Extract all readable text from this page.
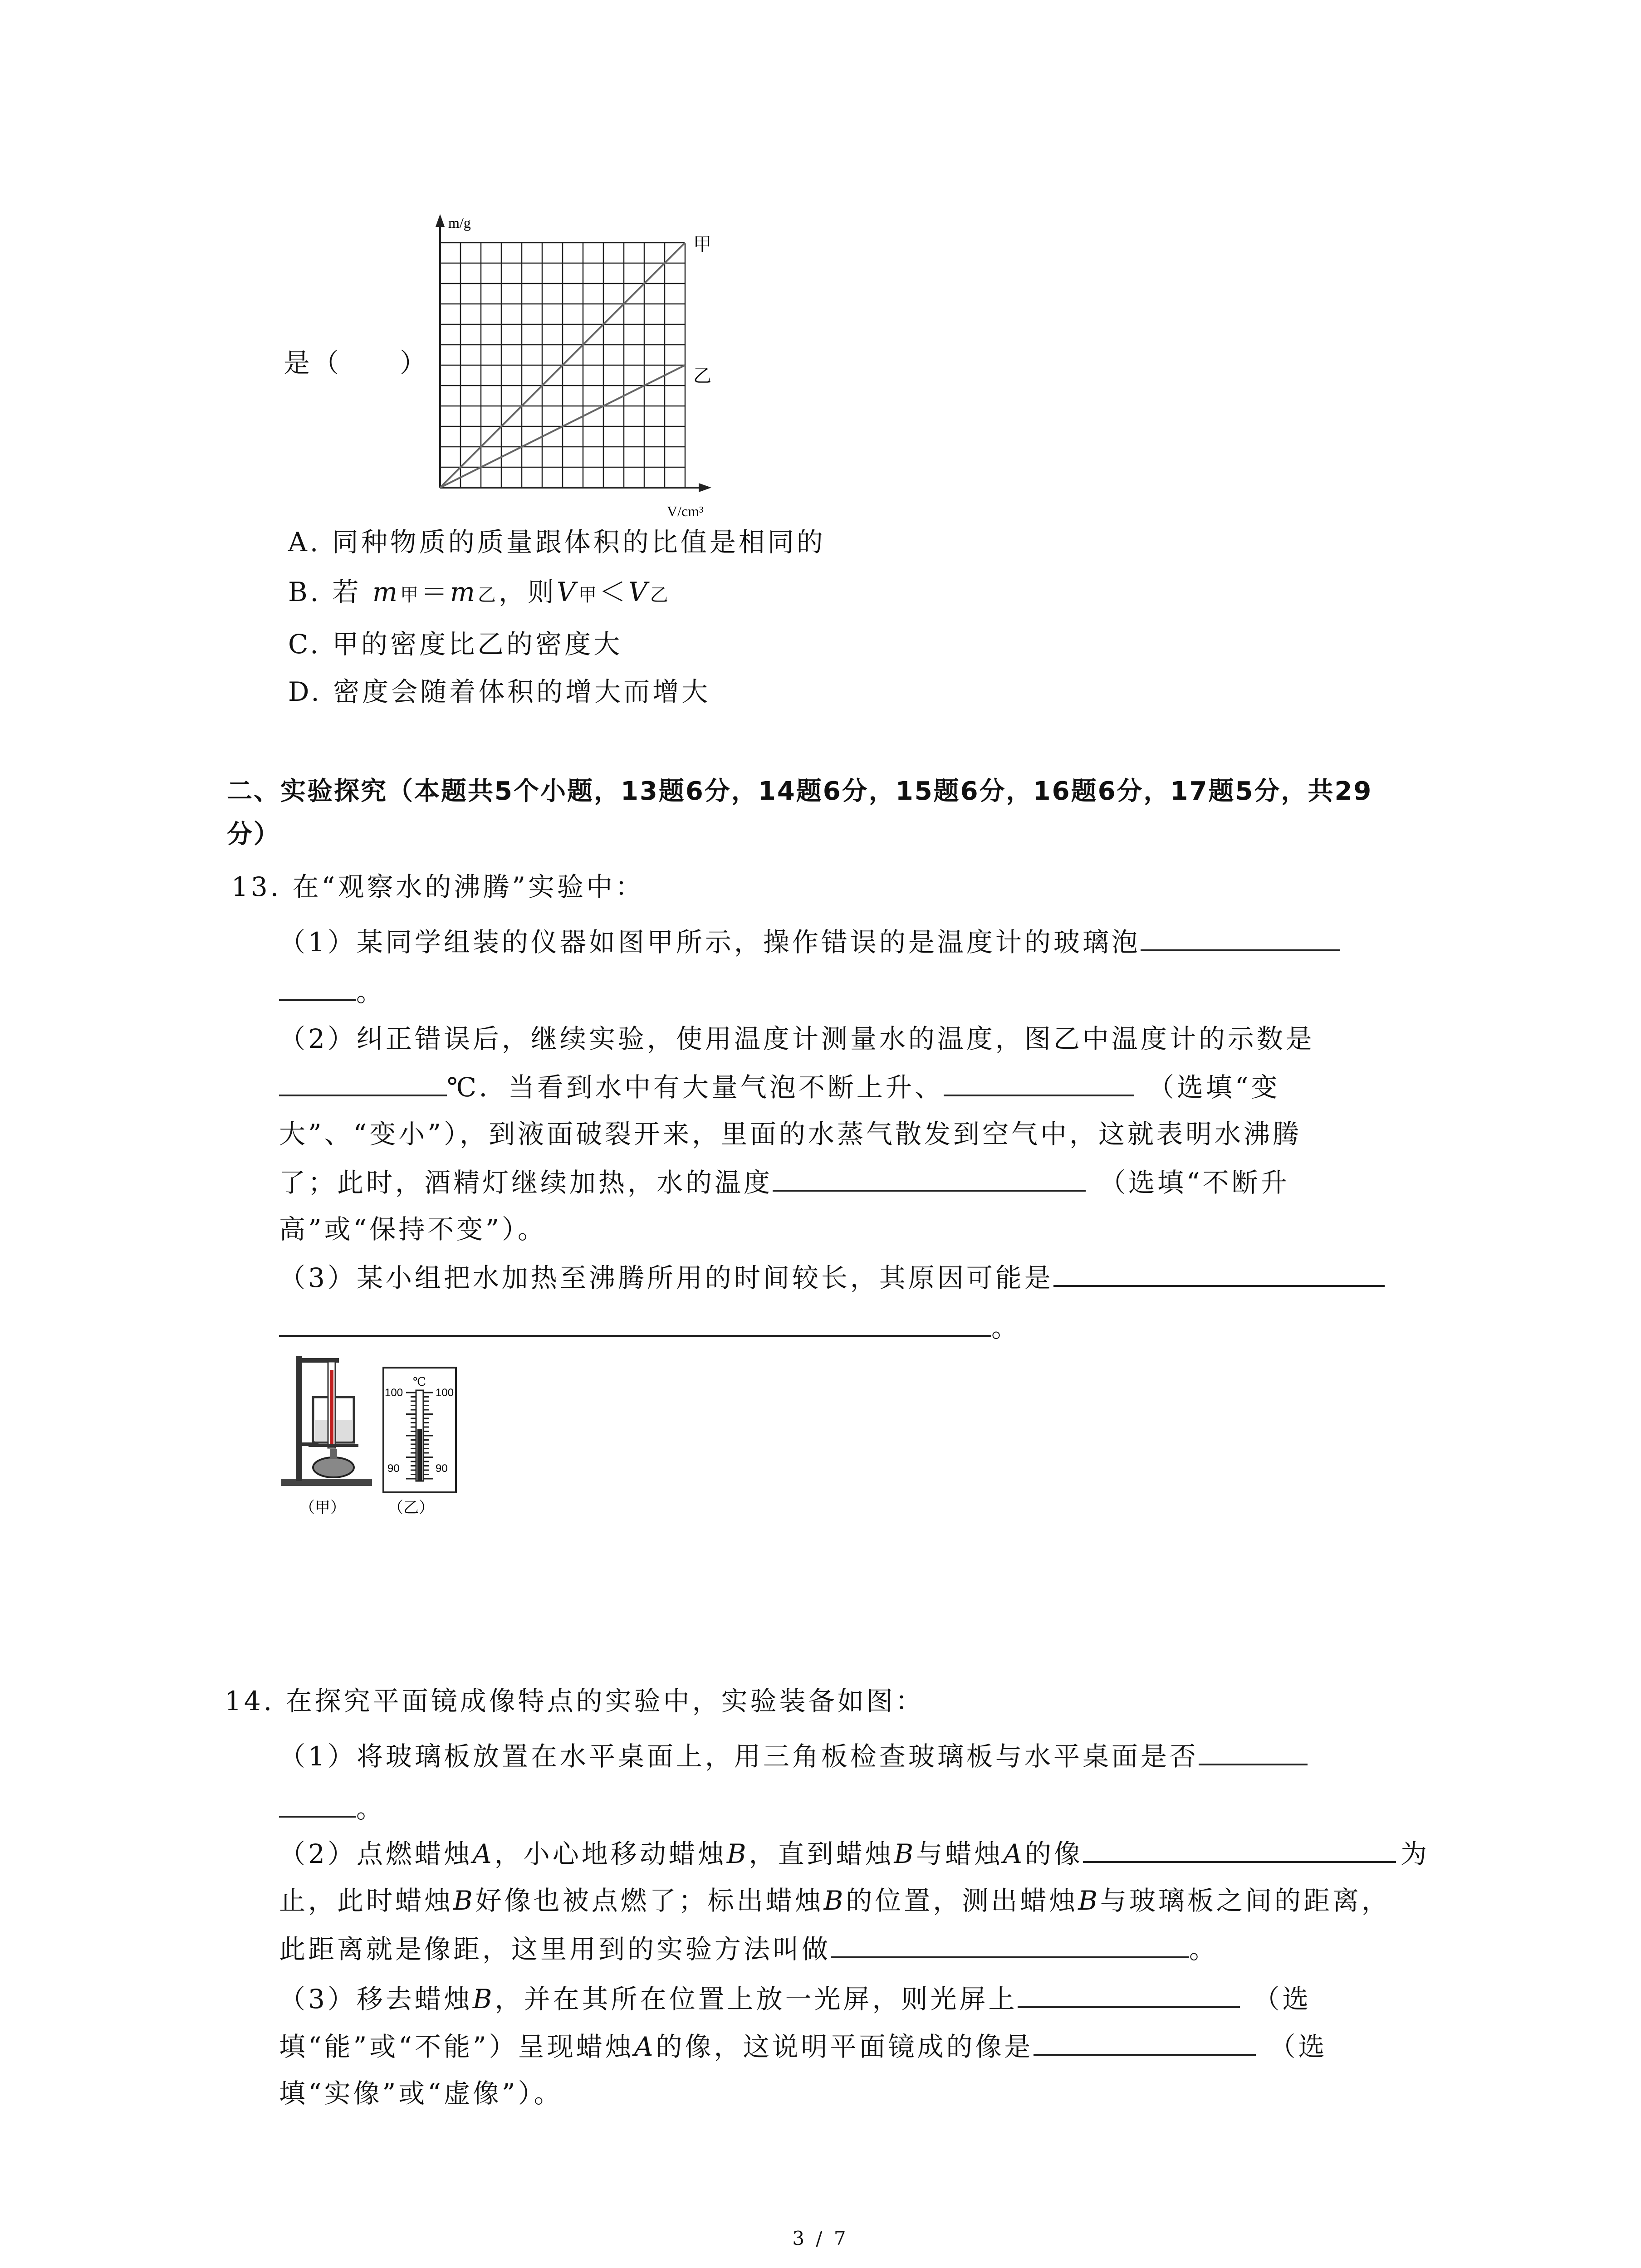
是（　　）
m/g
V/cm³
甲
乙
A. 同种物质的质量跟体积的比值是相同的
B. 若 m甲＝m乙，则V甲＜V乙
C. 甲的密度比乙的密度大
D. 密度会随着体积的增大而增大
二、实验探究（本题共5个小题，13题6分，14题6分，15题6分，16题6分，17题5分，共29
分）
13. 在“观察水的沸腾”实验中：
（1）某同学组装的仪器如图甲所示，操作错误的是温度计的玻璃泡
。
（2）纠正错误后，继续实验，使用温度计测量水的温度，图乙中温度计的示数是
℃．当看到水中有大量气泡不断上升、	（选填“变
大”、“变小”），到液面破裂开来，里面的水蒸气散发到空气中，这就表明水沸腾
了；此时，酒精灯继续加热，水的温度	（选填“不断升
高”或“保持不变”）。
（3）某小组把水加热至沸腾所用的时间较长，其原因可能是
。
℃
100	100
90	90
（甲）	（乙）
14. 在探究平面镜成像特点的实验中，实验装备如图：
（1）将玻璃板放置在水平桌面上，用三角板检查玻璃板与水平桌面是否
。
（2）点燃蜡烛A，小心地移动蜡烛B，直到蜡烛B与蜡烛A的像	为
止，此时蜡烛B好像也被点燃了；标出蜡烛B的位置，测出蜡烛B与玻璃板之间的距离，
此距离就是像距，这里用到的实验方法叫做	。
（3）移去蜡烛B，并在其所在位置上放一光屏，则光屏上	（选
填“能”或“不能”）呈现蜡烛A的像，这说明平面镜成的像是	（选
填“实像”或“虚像”）。
3 / 7
